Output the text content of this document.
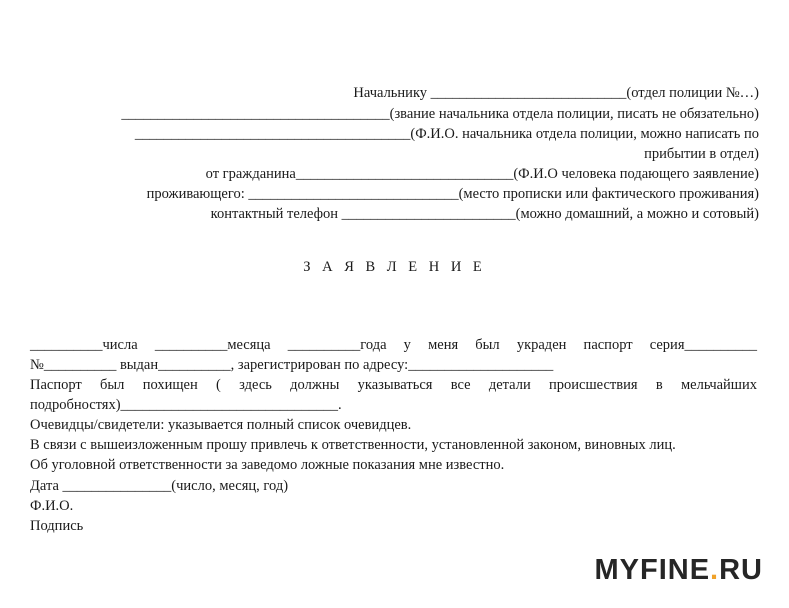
Начальнику ___________________________(отдел полиции №…)
_____________________________________(звание начальника отдела полиции, писать не обязательно)
______________________________________(Ф.И.О. начальника отдела полиции, можно написать по
прибытии в отдел)
от гражданина______________________________(Ф.И.О человека подающего заявление)
проживающего: _____________________________(место прописки или фактического проживания)
контактный телефон ________________________(можно домашний, а можно и сотовый)
З А Я В Л Е Н И Е
__________числа __________месяца __________года у меня был украден паспорт серия__________
№__________ выдан__________, зарегистрирован по адресу:____________________
Паспорт был похищен ( здесь должны указываться все детали происшествия в мельчайших
подробностях)______________________________.
Очевидцы/свидетели: указывается полный список очевидцев.
В связи с вышеизложенным прошу привлечь к ответственности, установленной законом, виновных лиц.
Об уголовной ответственности за заведомо ложные показания мне известно.
Дата _______________(число, месяц, год)
Ф.И.О.
Подпись
MYFINE.RU
